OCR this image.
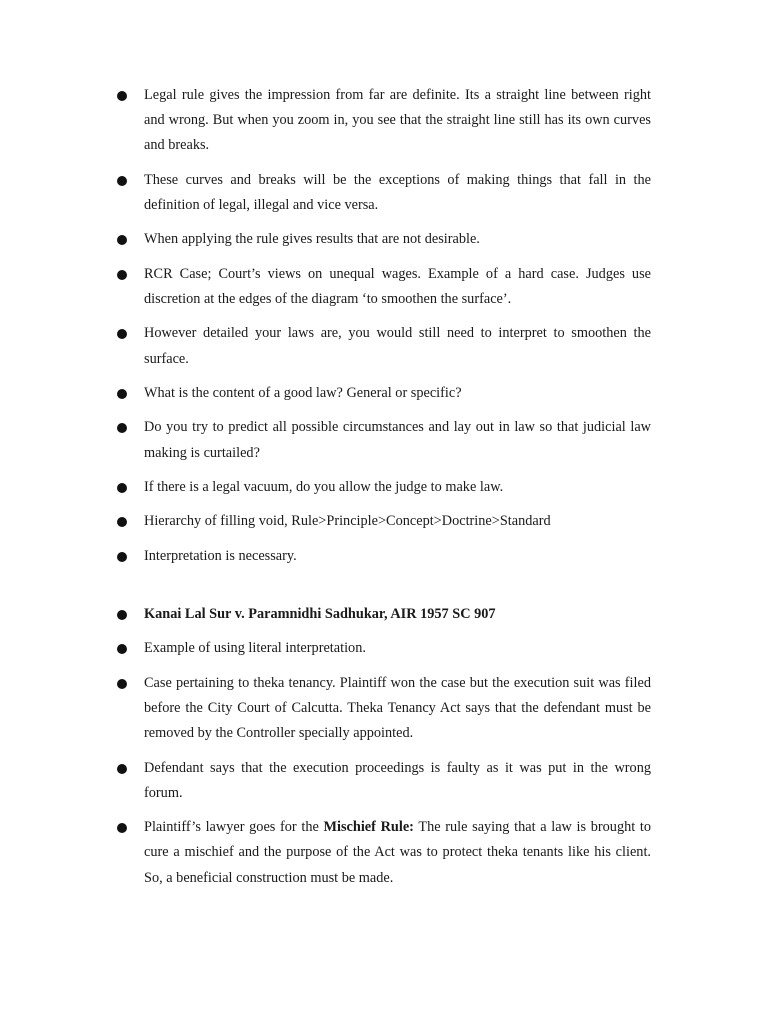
Legal rule gives the impression from far are definite. Its a straight line between right and wrong. But when you zoom in, you see that the straight line still has its own curves and breaks.
These curves and breaks will be the exceptions of making things that fall in the definition of legal, illegal and vice versa.
When applying the rule gives results that are not desirable.
RCR Case; Court’s views on unequal wages. Example of a hard case. Judges use discretion at the edges of the diagram ‘to smoothen the surface’.
However detailed your laws are, you would still need to interpret to smoothen the surface.
What is the content of a good law? General or specific?
Do you try to predict all possible circumstances and lay out in law so that judicial law making is curtailed?
If there is a legal vacuum, do you allow the judge to make law.
Hierarchy of filling void, Rule>Principle>Concept>Doctrine>Standard
Interpretation is necessary.
Kanai Lal Sur v. Paramnidhi Sadhukar, AIR 1957 SC 907
Example of using literal interpretation.
Case pertaining to theka tenancy. Plaintiff won the case but the execution suit was filed before the City Court of Calcutta. Theka Tenancy Act says that the defendant must be removed by the Controller specially appointed.
Defendant says that the execution proceedings is faulty as it was put in the wrong forum.
Plaintiff’s lawyer goes for the Mischief Rule: The rule saying that a law is brought to cure a mischief and the purpose of the Act was to protect theka tenants like his client. So, a beneficial construction must be made.
